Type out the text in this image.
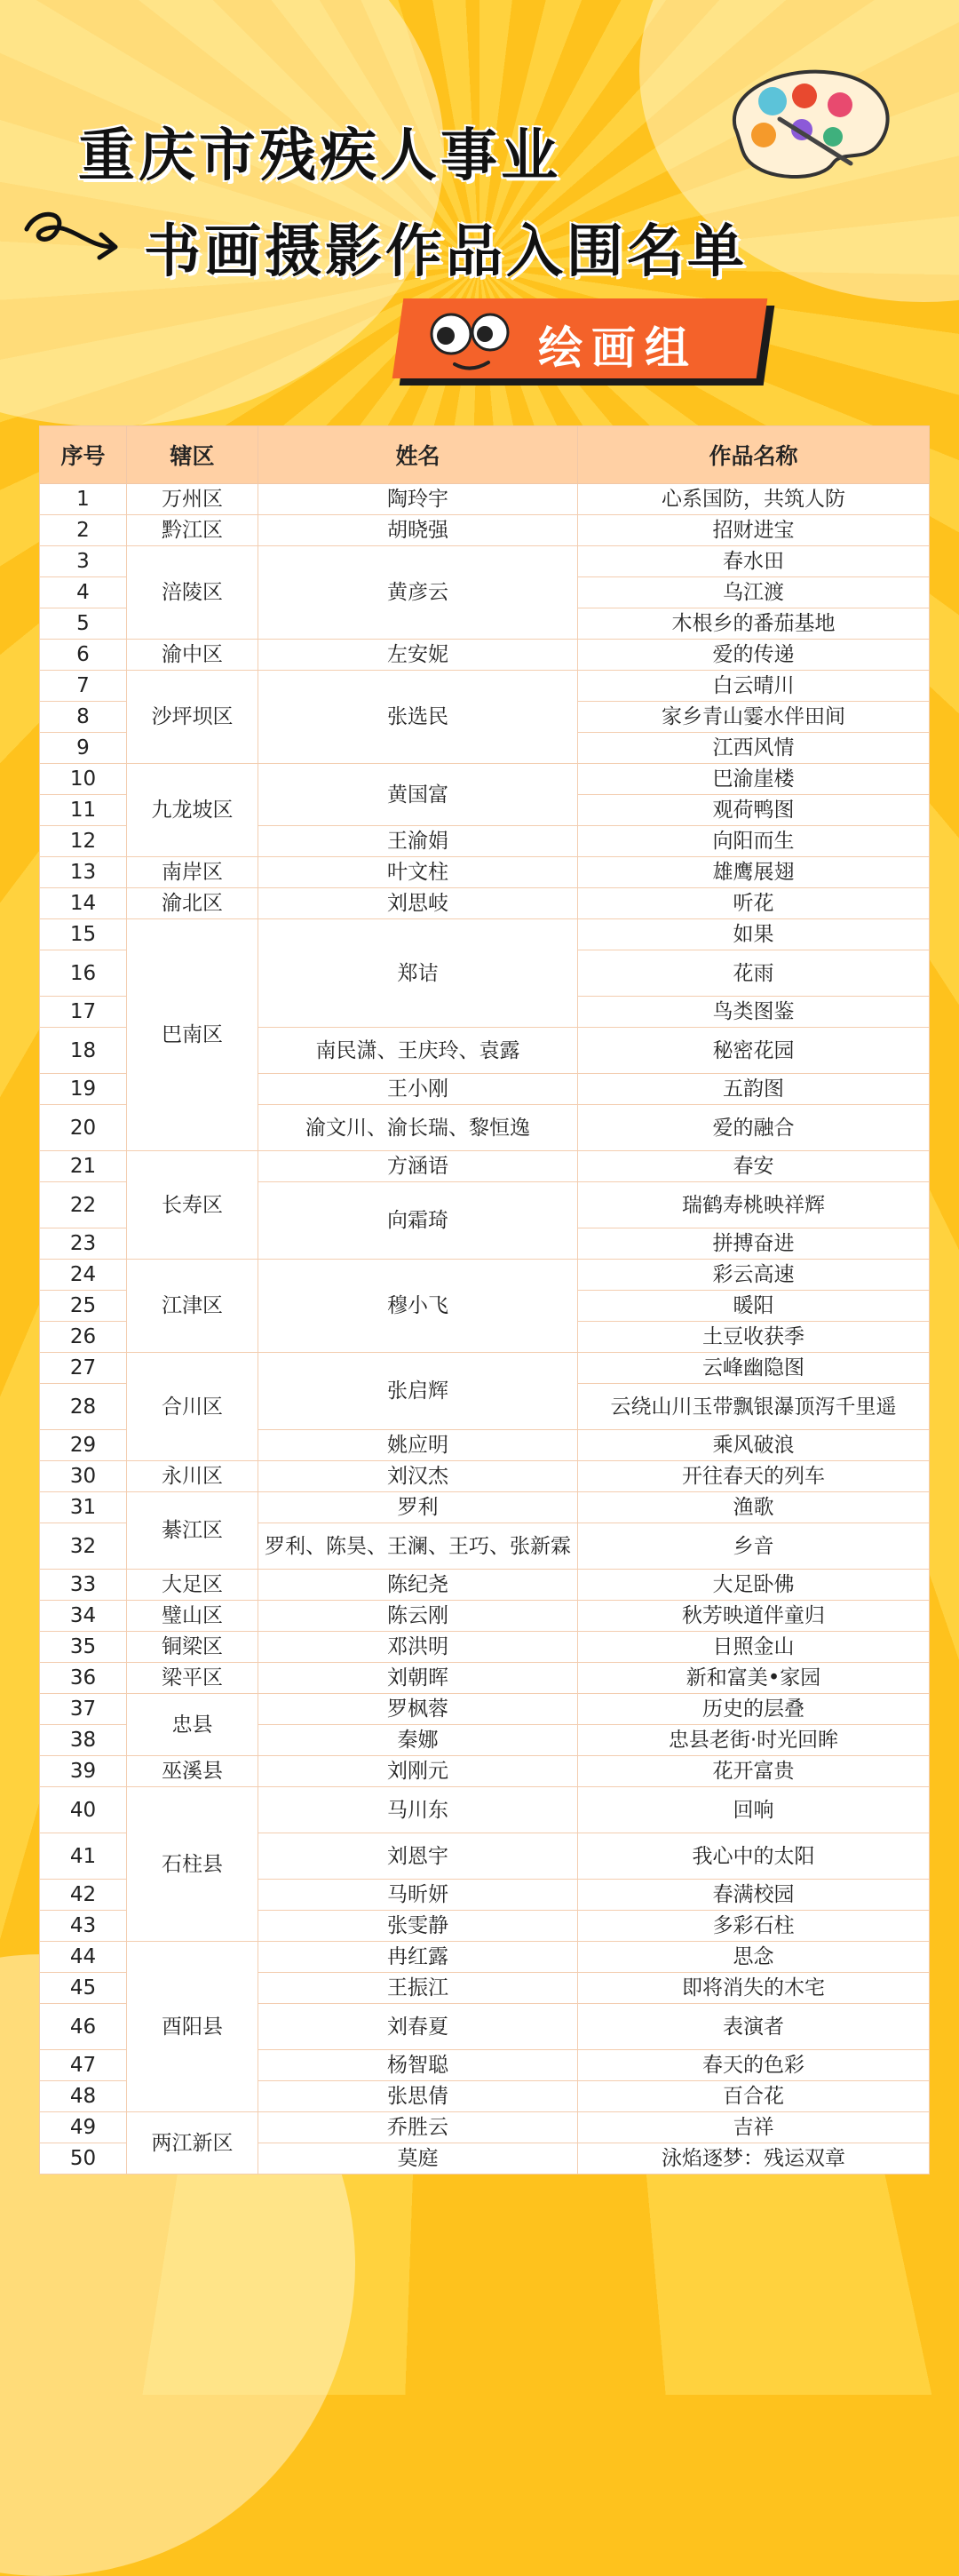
重庆市残疾人事业
书画摄影作品入围名单
绘画组
序号	辖区	姓名	作品名称
1	万州区	陶玲宇	心系国防，共筑人防
2	黔江区	胡晓强	招财进宝
3	涪陵区	黄彦云	春水田
4			乌江渡
5			木根乡的番茄基地
6	渝中区	左安妮	爱的传递
7	沙坪坝区	张选民	白云晴川
8			家乡青山霎水伴田间
9			江西风情
10	九龙坡区	黄国富	巴渝崖楼
11			观荷鸭图
12		王渝娟	向阳而生
13	南岸区	叶文柱	雄鹰展翅
14	渝北区	刘思岐	听花
15	巴南区	郑诘	如果
16			花雨
17			鸟类图鉴
18		南民潇、王庆玲、袁露	秘密花园
19		王小刚	五韵图
20		渝文川、渝长瑞、黎恒逸	爱的融合
21	长寿区	方涵语	春安
22		向霜琦	瑞鹤寿桃映祥辉
23			拼搏奋进
24	江津区	穆小飞	彩云高速
25			暖阳
26			土豆收获季
27	合川区	张启辉	云峰幽隐图
28			云绕山川玉带飘银瀑顶泻千里遥
29		姚应明	乘风破浪
30	永川区	刘汉杰	开往春天的列车
31	綦江区	罗利	渔歌
32		罗利、陈昊、王澜、王巧、张新霖	乡音
33	大足区	陈纪尧	大足卧佛
34	璧山区	陈云刚	秋芳映道伴童归
35	铜梁区	邓洪明	日照金山
36	梁平区	刘朝晖	新和富美•家园
37	忠县	罗枫蓉	历史的层叠
38		秦娜	忠县老街·时光回眸
39	巫溪县	刘刚元	花开富贵
40	石柱县	马川东	回响
41		刘恩宇	我心中的太阳
42		马昕妍	春满校园
43		张雯静	多彩石柱
44	酉阳县	冉红露	思念
45		王振江	即将消失的木宅
46		刘春夏	表演者
47		杨智聪	春天的色彩
48		张思倩	百合花
49	两江新区	乔胜云	吉祥
50		莫庭	泳焰逐梦：残运双章
